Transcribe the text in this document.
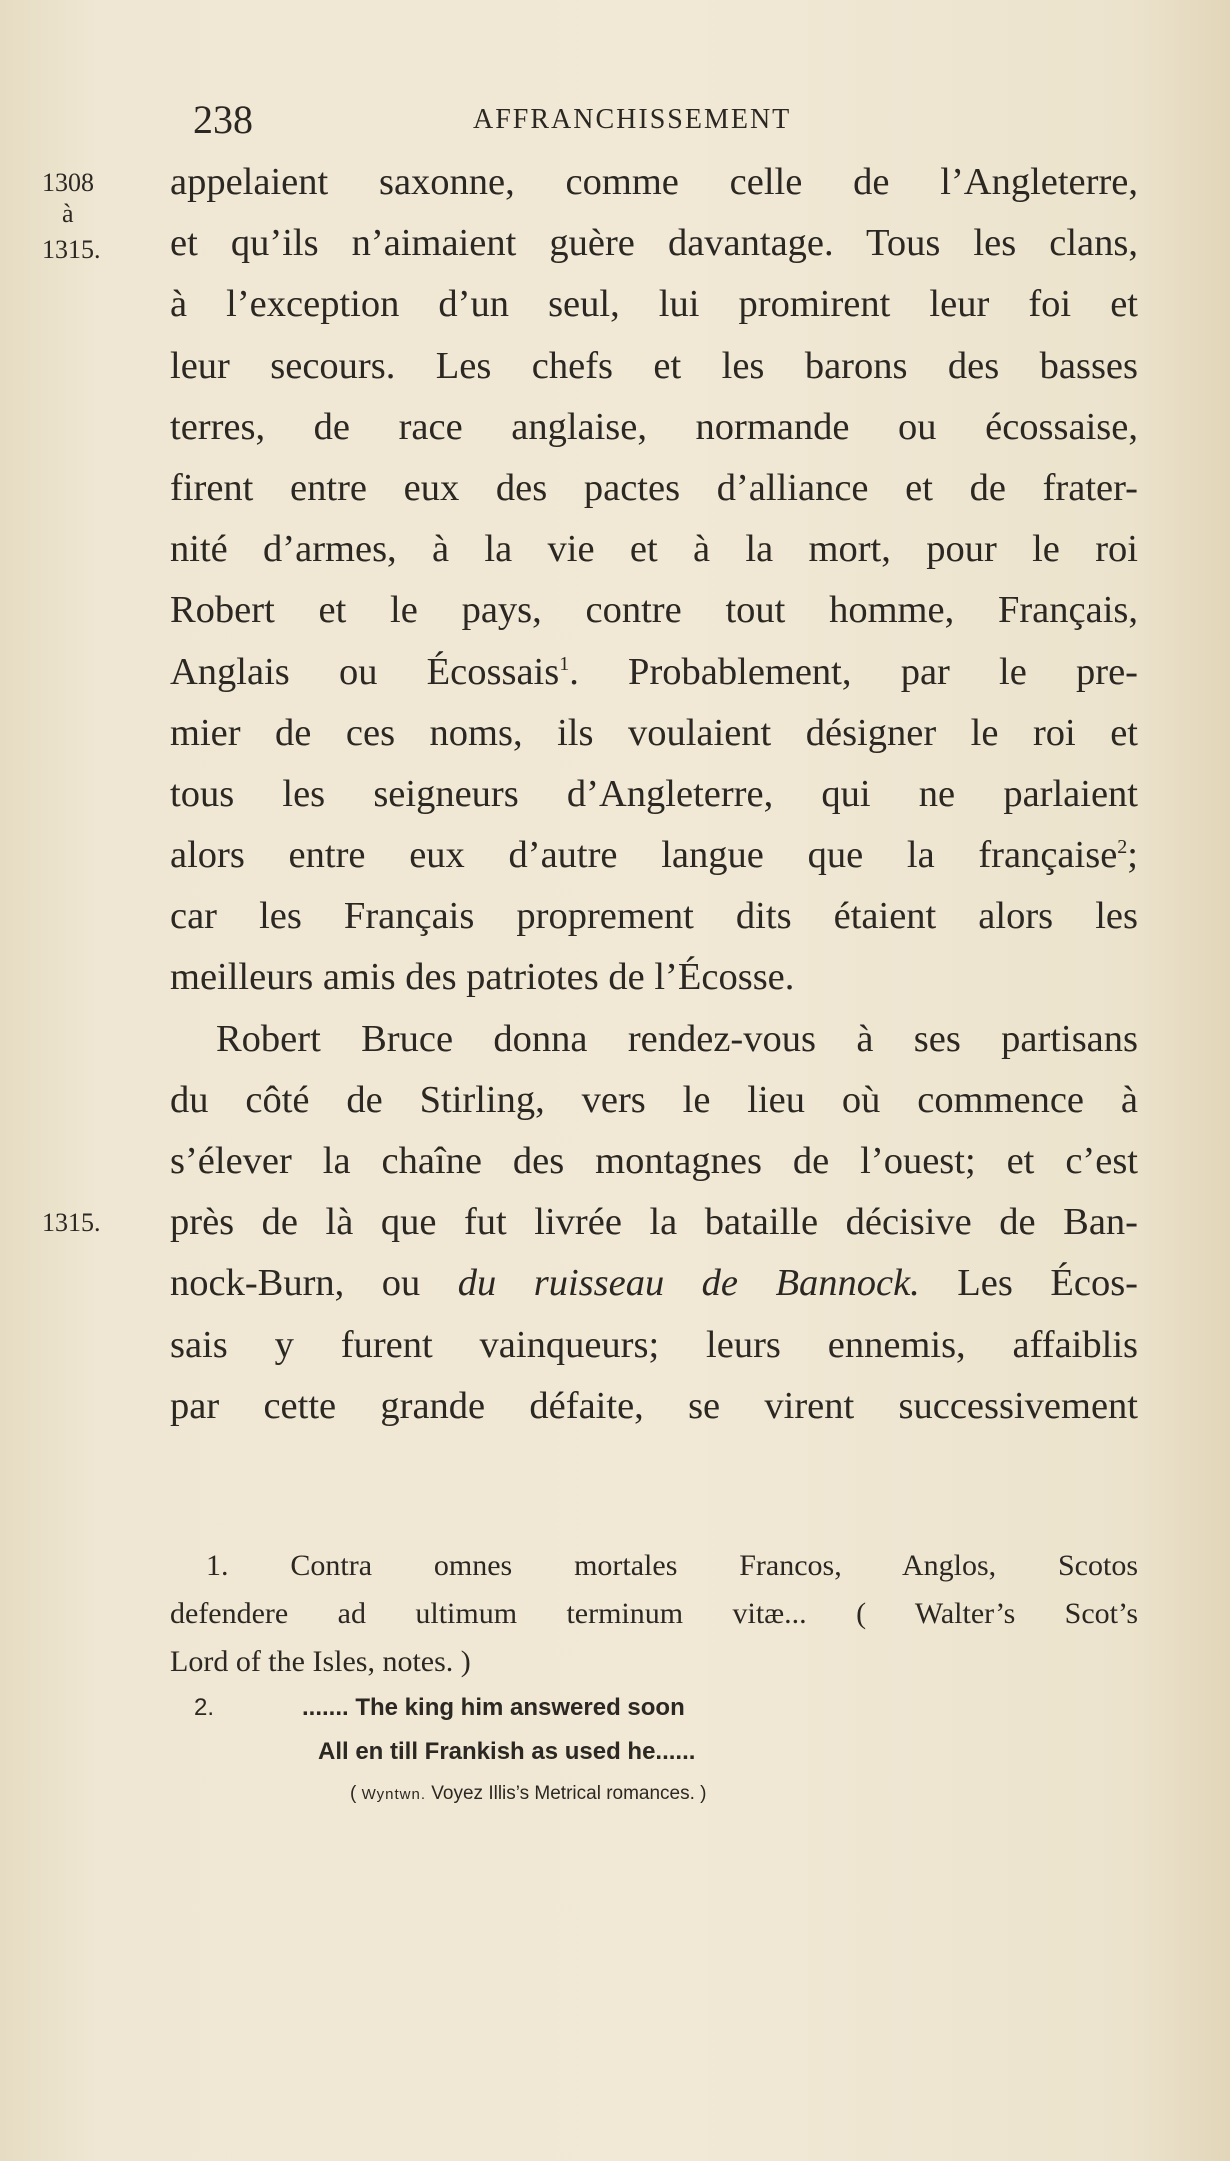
238	AFFRANCHISSEMENT
1308 appelaient saxonne, comme celle de l’Angleterre,
à
1315. et qu’ils n’aimaient guère davantage. Tous les clans,
à l’exception d’un seul, lui promirent leur foi et
leur secours. Les chefs et les barons des basses
terres, de race anglaise, normande ou écossaise,
firent entre eux des pactes d’alliance et de frater-
nité d’armes, à la vie et à la mort, pour le roi
Robert et le pays, contre tout homme, Français,
Anglais ou Écossais$^1$. Probablement, par le pre-
mier de ces noms, ils voulaient désigner le roi et
tous les seigneurs d’Angleterre, qui ne parlaient
alors entre eux d’autre langue que la française$^2$;
car les Français proprement dits étaient alors les
meilleurs amis des patriotes de l’Écosse.
Robert Bruce donna rendez-vous à ses partisans
du côté de Stirling, vers le lieu où commence à
s’élever la chaîne des montagnes de l’ouest; et c’est
1315. près de là que fut livrée la bataille décisive de Ban-
nock-Burn, ou du ruisseau de Bannock. Les Écos-
sais y furent vainqueurs; leurs ennemis, affaiblis
par cette grande défaite, se virent successivement
1. Contra omnes mortales Francos, Anglos, Scotos
defendere ad ultimum terminum vitæ... ( Walter’s Scot’s
Lord of the Isles, notes. )
2.	....... The king him answered soon
All en till Frankish as used he......
( Wyntwn. Voyez Illis’s Metrical romances. )
